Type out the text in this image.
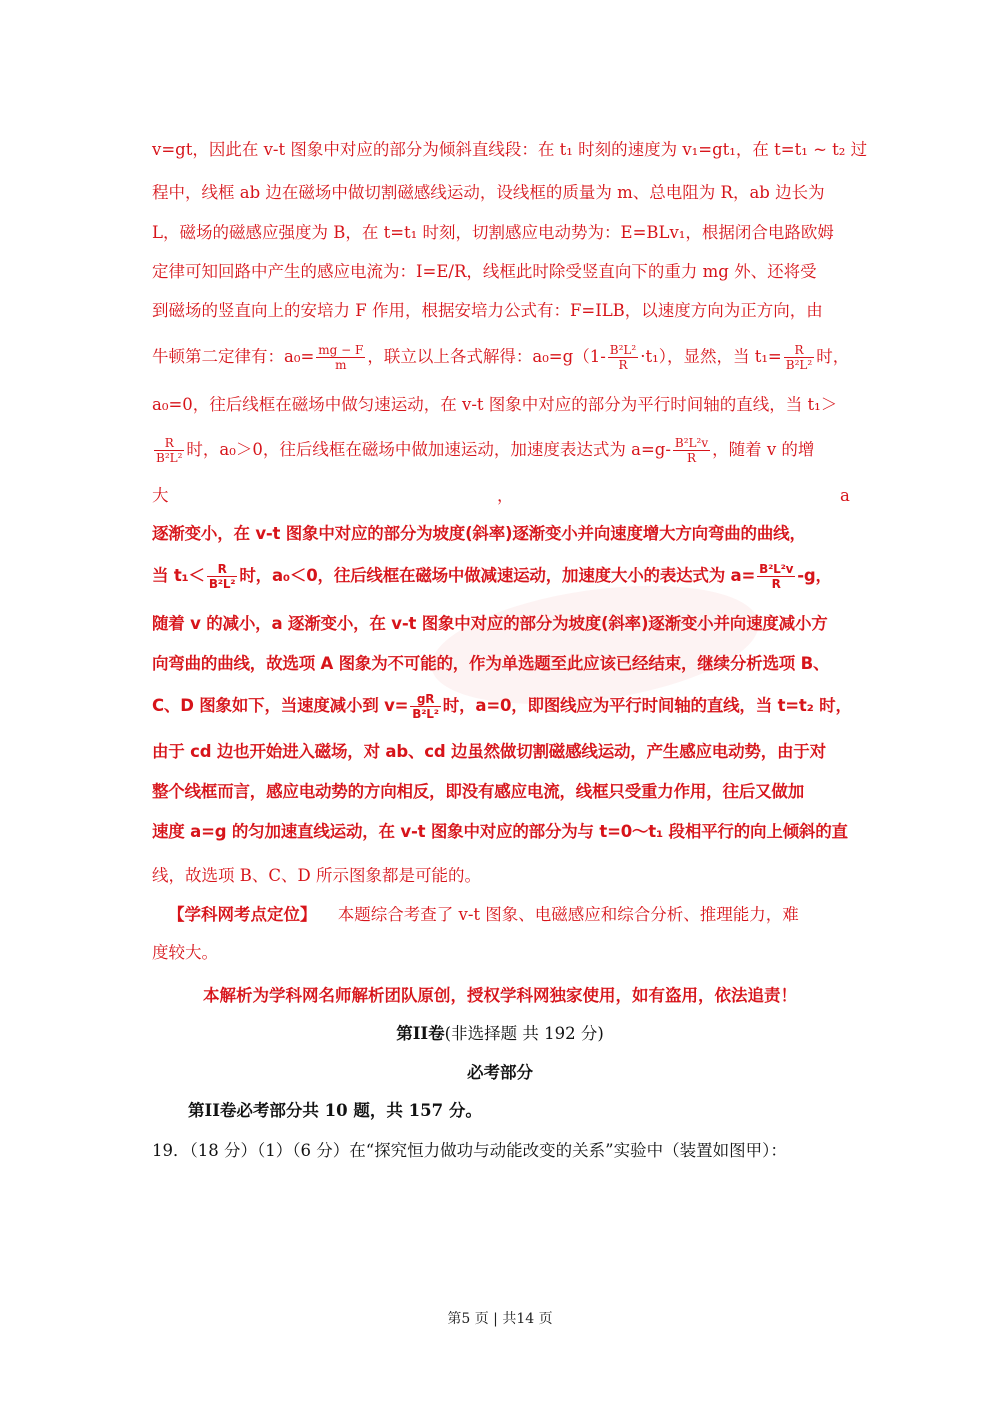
v=gt，因此在 v-t 图象中对应的部分为倾斜直线段：在 t₁ 时刻的速度为 v₁=gt₁，在 t=t₁ ~ t₂ 过
程中，线框 ab 边在磁场中做切割磁感线运动，设线框的质量为 m、总电阻为 R，ab 边长为
L，磁场的磁感应强度为 B，在 t=t₁ 时刻，切割感应电动势为：E=BLv₁，根据闭合电路欧姆
定律可知回路中产生的感应电流为：I=E/R，线框此时除受竖直向下的重力 mg 外、还将受
到磁场的竖直向上的安培力 F 作用，根据安培力公式有：F=ILB，以速度方向为正方向，由
牛顿第二定律有：$a_0= \frac{mg - F}{m}$ ，联立以上各式解得：$a_0=g(1- \frac{\text{B²L²}}{R} \cdot t_1)$，显然，当 $t_1= \frac{R}{\text{B²L²}}$ 时，
a₀=0，往后线框在磁场中做匀速运动，在 v-t 图象中对应的部分为平行时间轴的直线，当 t₁＞
$\frac{R}{\text{B²L²}}$ 时，a₀＞0，往后线框在磁场中做加速运动，加速度表达式为 $a=g- \frac{\text{B²L²v}}{R}$ ，随着 v 的增
大	，	a
逐渐变小，在 v-t 图象中对应的部分为坡度(斜率)逐渐变小并向速度增大方向弯曲的曲线，
当 $t_1< \frac{R}{\text{B²L²}}$ 时，a₀＜0，往后线框在磁场中做减速运动，加速度大小的表达式为 $a= \frac{\text{B²L²v}}{R} -g$，
随着 v 的减小，a 逐渐变小，在 v-t 图象中对应的部分为坡度(斜率)逐渐变小并向速度减小方
向弯曲的曲线，故选项 A 图象为不可能的，作为单选题至此应该已经结束，继续分析选项 B、
C、D 图象如下，当速度减小到 $v= \frac{gR}{\text{B²L²}}$ 时，a=0，即图线应为平行时间轴的直线，当 t=t₂ 时，
由于 cd 边也开始进入磁场，对 ab、cd 边虽然做切割磁感线运动，产生感应电动势，由于对
整个线框而言，感应电动势的方向相反，即没有感应电流，线框只受重力作用，往后又做加
速度 a=g 的匀加速直线运动，在 v-t 图象中对应的部分为与 t=0～t₁ 段相平行的向上倾斜的直
线，故选项 B、C、D 所示图象都是可能的。
【学科网考点定位】 本题综合考查了 v-t 图象、电磁感应和综合分析、推理能力，难
度较大。
本解析为学科网名师解析团队原创，授权学科网独家使用，如有盗用，依法追责！
第II卷(非选择题 共 192 分)
必考部分
第II卷必考部分共 10 题，共 157 分。
19．（18 分）（1）（6 分）在“探究恒力做功与动能改变的关系”实验中（装置如图甲）：
第5 页 | 共14 页
